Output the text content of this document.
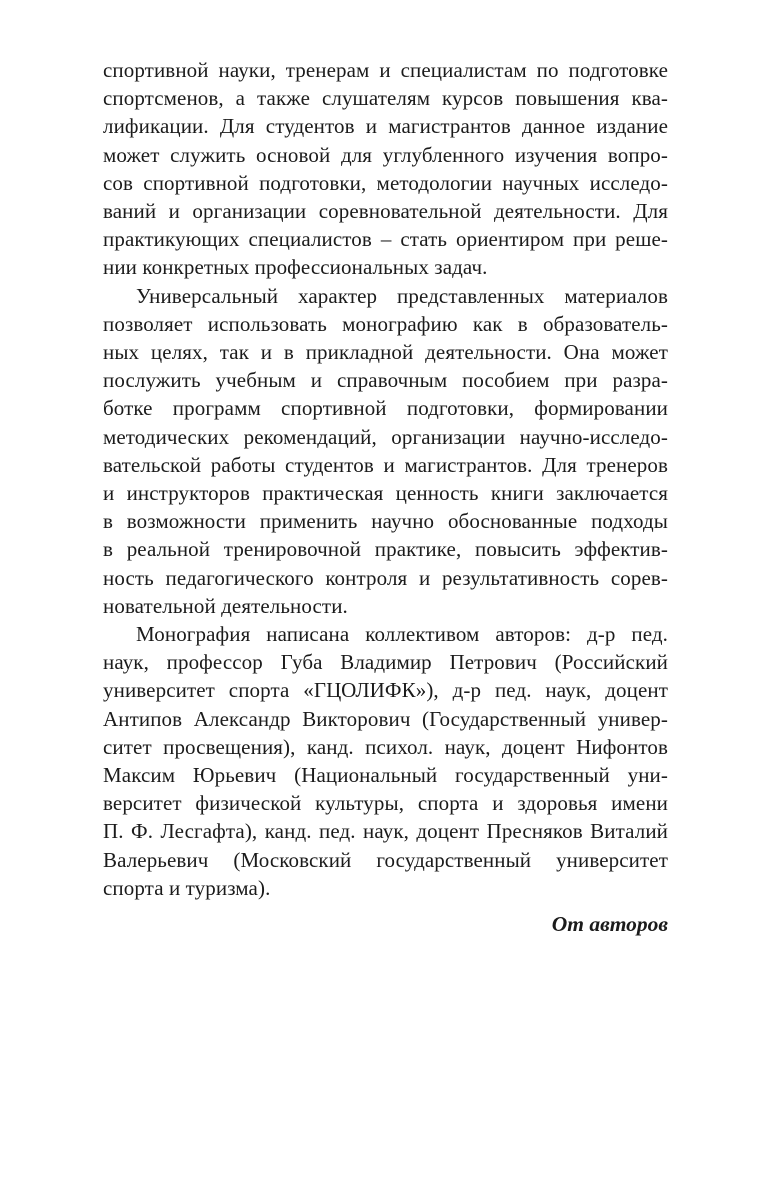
спортивной науки, тренерам и специалистам по подготовке
спортсменов, а также слушателям курсов повышения ква-
лификации. Для студентов и магистрантов данное издание
может служить основой для углубленного изучения вопро-
сов спортивной подготовки, методологии научных исследо-
ваний и организации соревновательной деятельности. Для
практикующих специалистов – стать ориентиром при реше-
нии конкретных профессиональных задач.
Универсальный характер представленных материалов
позволяет использовать монографию как в образователь-
ных целях, так и в прикладной деятельности. Она может
послужить учебным и справочным пособием при разра-
ботке программ спортивной подготовки, формировании
методических рекомендаций, организации научно-исследо-
вательской работы студентов и магистрантов. Для тренеров
и инструкторов практическая ценность книги заключается
в возможности применить научно обоснованные подходы
в реальной тренировочной практике, повысить эффектив-
ность педагогического контроля и результативность сорев-
новательной деятельности.
Монография написана коллективом авторов: д-р пед.
наук, профессор Губа Владимир Петрович (Российский
университет спорта «ГЦОЛИФК»), д-р пед. наук, доцент
Антипов Александр Викторович (Государственный универ-
ситет просвещения), канд. психол. наук, доцент Нифонтов
Максим Юрьевич (Национальный государственный уни-
верситет физической культуры, спорта и здоровья имени
П. Ф. Лесгафта), канд. пед. наук, доцент Пресняков Виталий
Валерьевич (Московский государственный университет
спорта и туризма).
От авторов
